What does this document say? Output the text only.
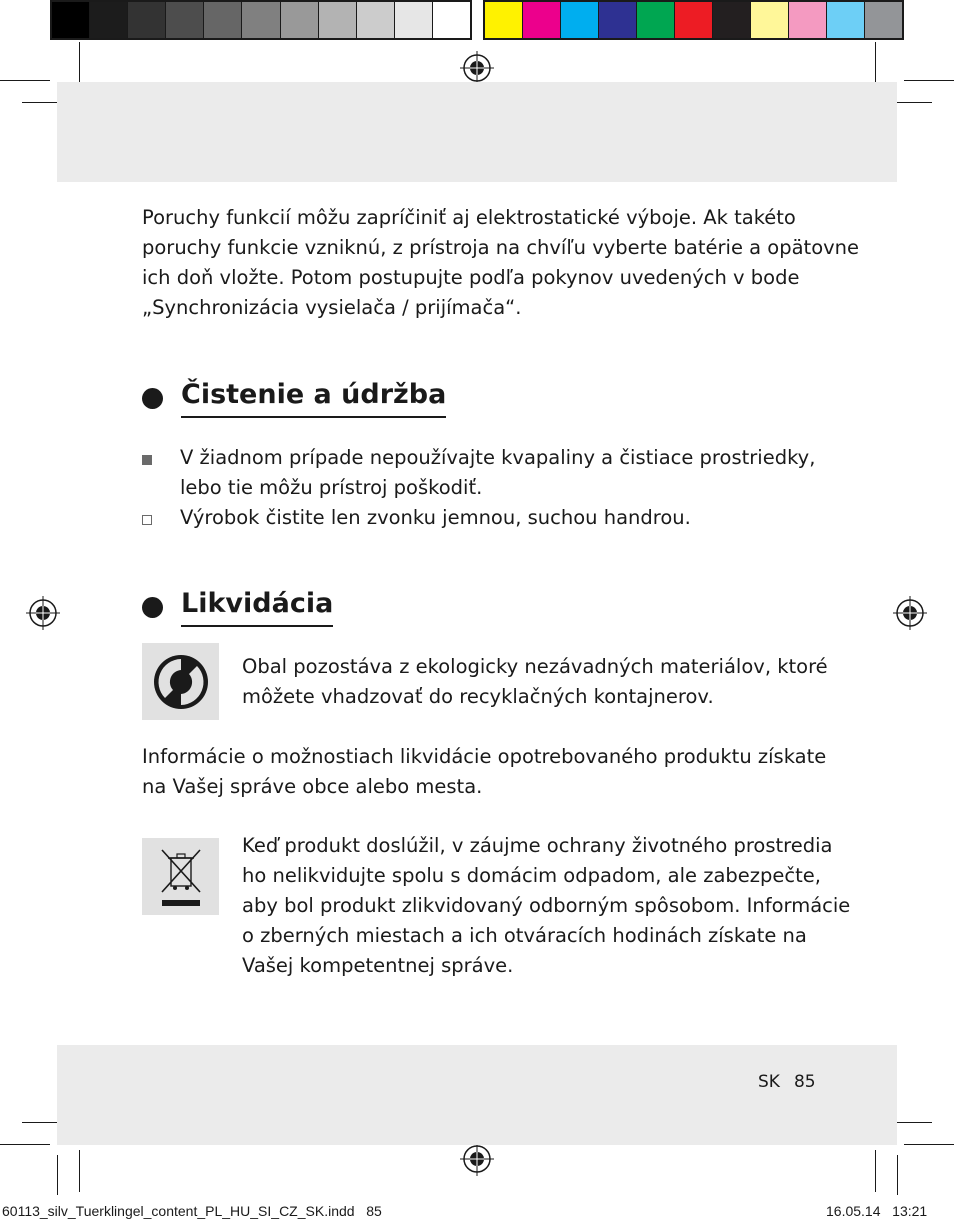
Poruchy funkcií môžu zapríčiniť aj elektrostatické výboje. Ak takéto

poruchy funkcie vzniknú, z prístroja na chvíľu vyberte batérie a opätovne

ich doň vložte. Potom postupujte podľa pokynov uvedených v bode

„Synchronizácia vysielača / prijímača“.

Čistenie a údržba

V žiadnom prípade nepoužívajte kvapaliny a čistiace prostriedky,

lebo tie môžu prístroj poškodiť.

Výrobok čistite len zvonku jemnou, suchou handrou.

Likvidácia

Obal pozostáva z ekologicky nezávadných materiálov, ktoré

môžete vhadzovať do recyklačných kontajnerov.

Informácie o možnostiach likvidácie opotrebovaného produktu získate

na Vašej správe obce alebo mesta.

Keď produkt doslúžil, v záujme ochrany životného prostredia

ho nelikvidujte spolu s domácim odpadom, ale zabezpečte,

aby bol produkt zlikvidovaný odborným spôsobom. Informácie

o zberných miestach a ich otváracích hodinách získate na

Vašej kompetentnej správe.

SK 85
60113_silv_Tuerklingel_content_PL_HU_SI_CZ_SK.indd   85	16.05.14   13:21
